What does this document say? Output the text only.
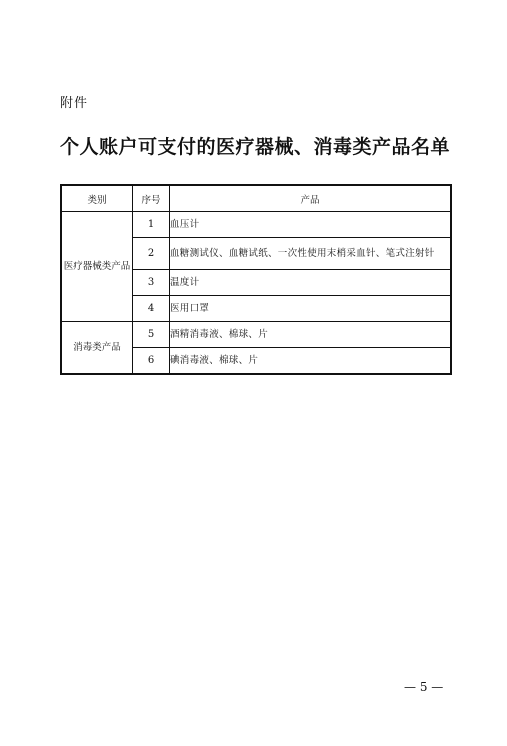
附件
个人账户可支付的医疗器械、消毒类产品名单
类别	序号	产品
医疗器械类产品	1	血压计
	2	血糖测试仪、血糖试纸、一次性使用末梢采血针、笔式注射针
	3	温度计
	4	医用口罩
消毒类产品	5	酒精消毒液、棉球、片
	6	碘消毒液、棉球、片
— 5 —
